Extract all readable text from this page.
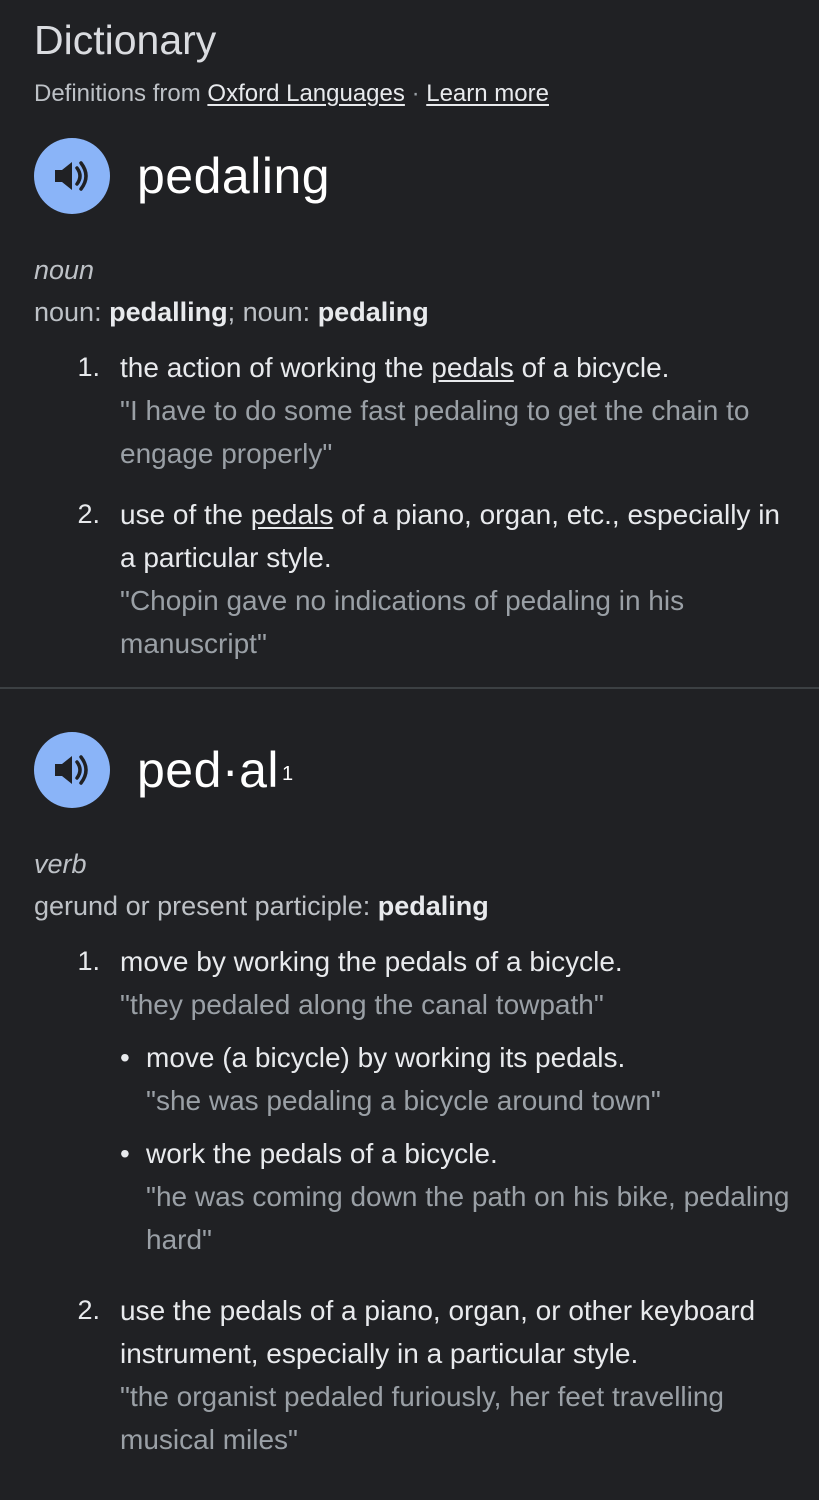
Dictionary
Definitions from Oxford Languages · Learn more
pedaling
noun
noun: pedalling; noun: pedaling
1. the action of working the pedals of a bicycle.
"I have to do some fast pedaling to get the chain to engage properly"
2. use of the pedals of a piano, organ, etc., especially in a particular style.
"Chopin gave no indications of pedaling in his manuscript"
ped·al $^1$
verb
gerund or present participle: pedaling
1. move by working the pedals of a bicycle.
"they pedaled along the canal towpath"
• move (a bicycle) by working its pedals.
"she was pedaling a bicycle around town"
• work the pedals of a bicycle.
"he was coming down the path on his bike, pedaling hard"
2. use the pedals of a piano, organ, or other keyboard instrument, especially in a particular style.
"the organist pedaled furiously, her feet travelling musical miles"
